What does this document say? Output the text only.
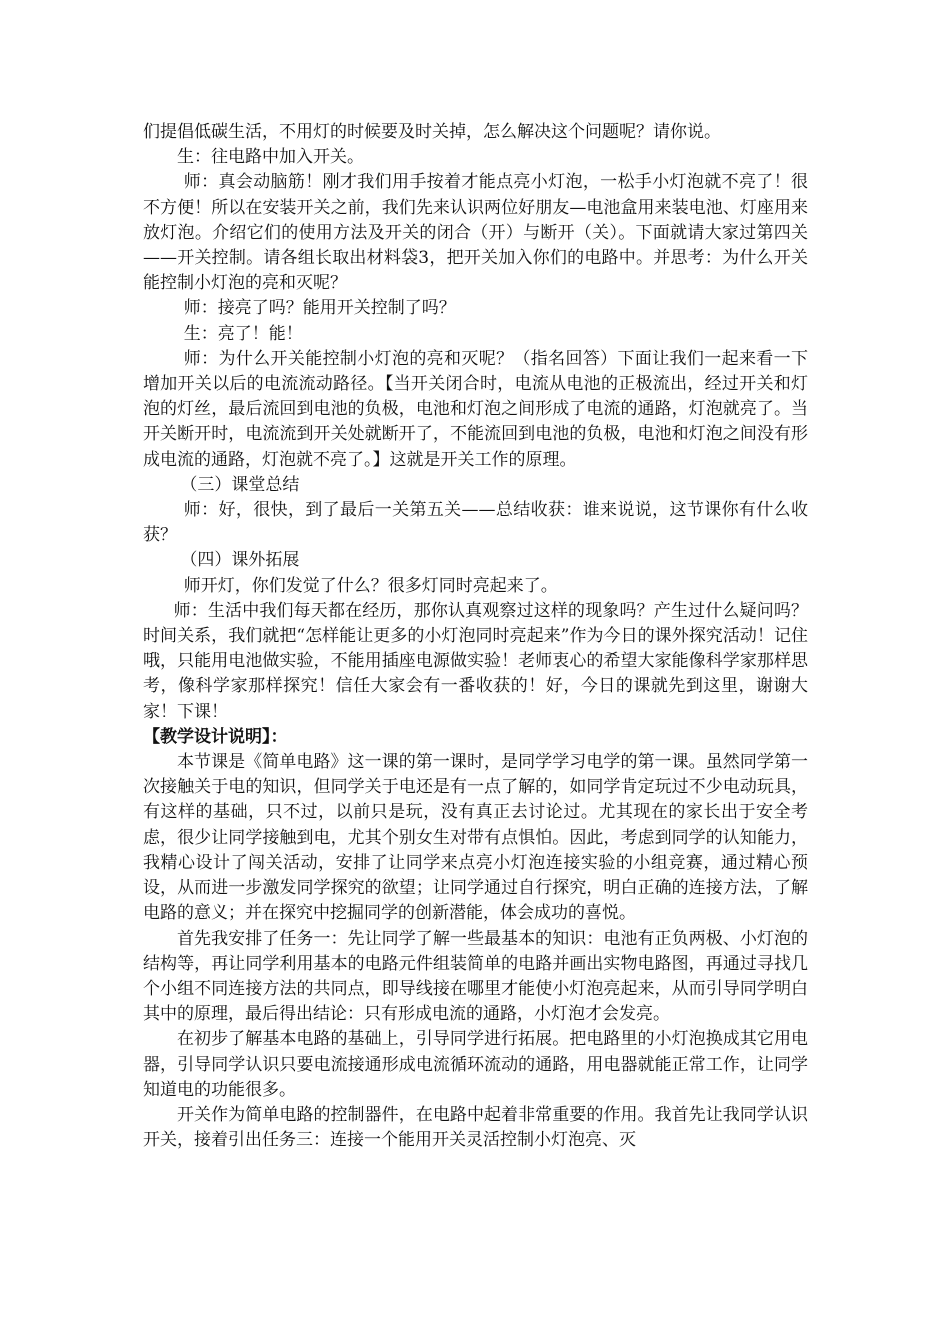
们提倡低碳生活，不用灯的时候要及时关掉，怎么解决这个问题呢？请你说。

生：往电路中加入开关。

师：真会动脑筋！刚才我们用手按着才能点亮小灯泡，一松手小灯泡就不亮了！很不方便！所以在安装开关之前，我们先来认识两位好朋友—电池盒用来装电池、灯座用来放灯泡。介绍它们的使用方法及开关的闭合（开）与断开（关）。下面就请大家过第四关——开关控制。请各组长取出材料袋3，把开关加入你们的电路中。并思考：为什么开关能控制小灯泡的亮和灭呢？

师：接亮了吗？能用开关控制了吗？

生：亮了！能！

师：为什么开关能控制小灯泡的亮和灭呢？（指名回答）下面让我们一起来看一下增加开关以后的电流流动路径。【当开关闭合时，电流从电池的正极流出，经过开关和灯泡的灯丝，最后流回到电池的负极，电池和灯泡之间形成了电流的通路，灯泡就亮了。当开关断开时，电流流到开关处就断开了，不能流回到电池的负极，电池和灯泡之间没有形成电流的通路，灯泡就不亮了。】这就是开关工作的原理。

（三）课堂总结

师：好，很快，到了最后一关第五关——总结收获：谁来说说，这节课你有什么收获？

（四）课外拓展

师开灯，你们发觉了什么？很多灯同时亮起来了。

师：生活中我们每天都在经历，那你认真观察过这样的现象吗？产生过什么疑问吗？时间关系，我们就把“怎样能让更多的小灯泡同时亮起来”作为今日的课外探究活动！记住哦，只能用电池做实验，不能用插座电源做实验！老师衷心的希望大家能像科学家那样思考，像科学家那样探究！信任大家会有一番收获的！好，今日的课就先到这里，谢谢大家！下课！

【教学设计说明】：

本节课是《简单电路》这一课的第一课时，是同学学习电学的第一课。虽然同学第一次接触关于电的知识，但同学关于电还是有一点了解的，如同学肯定玩过不少电动玩具，有这样的基础，只不过，以前只是玩，没有真正去讨论过。尤其现在的家长出于安全考虑，很少让同学接触到电，尤其个别女生对带有点惧怕。因此，考虑到同学的认知能力，我精心设计了闯关活动，安排了让同学来点亮小灯泡连接实验的小组竞赛，通过精心预设，从而进一步激发同学探究的欲望；让同学通过自行探究，明白正确的连接方法，了解电路的意义；并在探究中挖掘同学的创新潜能，体会成功的喜悦。

首先我安排了任务一：先让同学了解一些最基本的知识：电池有正负两极、小灯泡的结构等，再让同学利用基本的电路元件组装简单的电路并画出实物电路图，再通过寻找几个小组不同连接方法的共同点，即导线接在哪里才能使小灯泡亮起来，从而引导同学明白其中的原理，最后得出结论：只有形成电流的通路，小灯泡才会发亮。

在初步了解基本电路的基础上，引导同学进行拓展。把电路里的小灯泡换成其它用电器，引导同学认识只要电流接通形成电流循环流动的通路，用电器就能正常工作，让同学知道电的功能很多。

开关作为简单电路的控制器件，在电路中起着非常重要的作用。我首先让我同学认识开关，接着引出任务三：连接一个能用开关灵活控制小灯泡亮、灭
